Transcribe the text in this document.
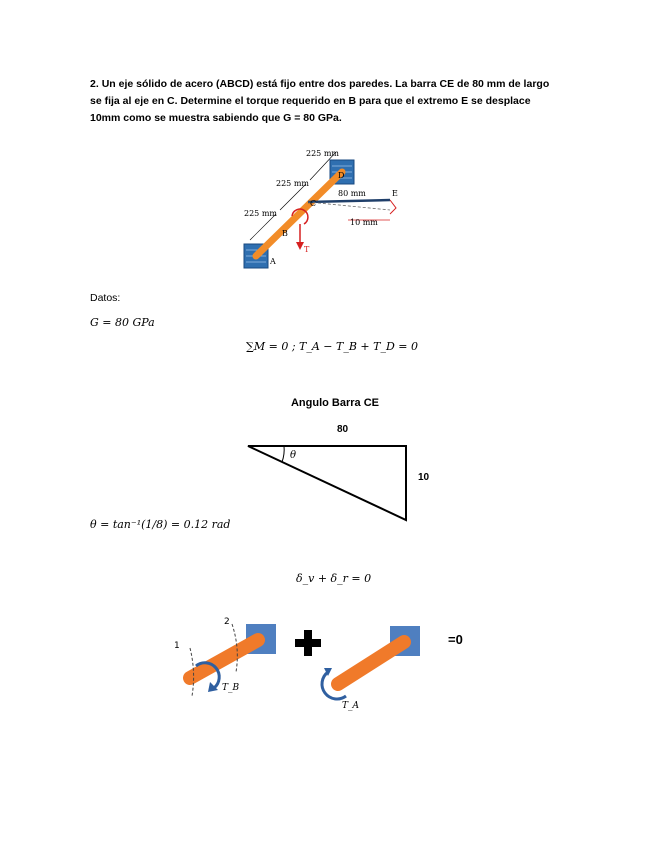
2. Un eje sólido de acero (ABCD) está fijo entre dos paredes. La barra CE de 80 mm de largo se fija al eje en C. Determine el torque requerido en B para que el extremo E se desplace 10mm como se muestra sabiendo que G = 80 GPa.
225 mm
225 mm
225 mm
80 mm
10 mm
A
B
C
D
E
T
Datos:
G = 80 GPa
∑M = 0 ; T_A − T_B + T_D = 0
Angulo Barra CE
80
10
θ
θ = tan⁻¹(1/8) = 0.12 rad
δ_v + δ_r = 0
1
2
T_B
T_A
=0
